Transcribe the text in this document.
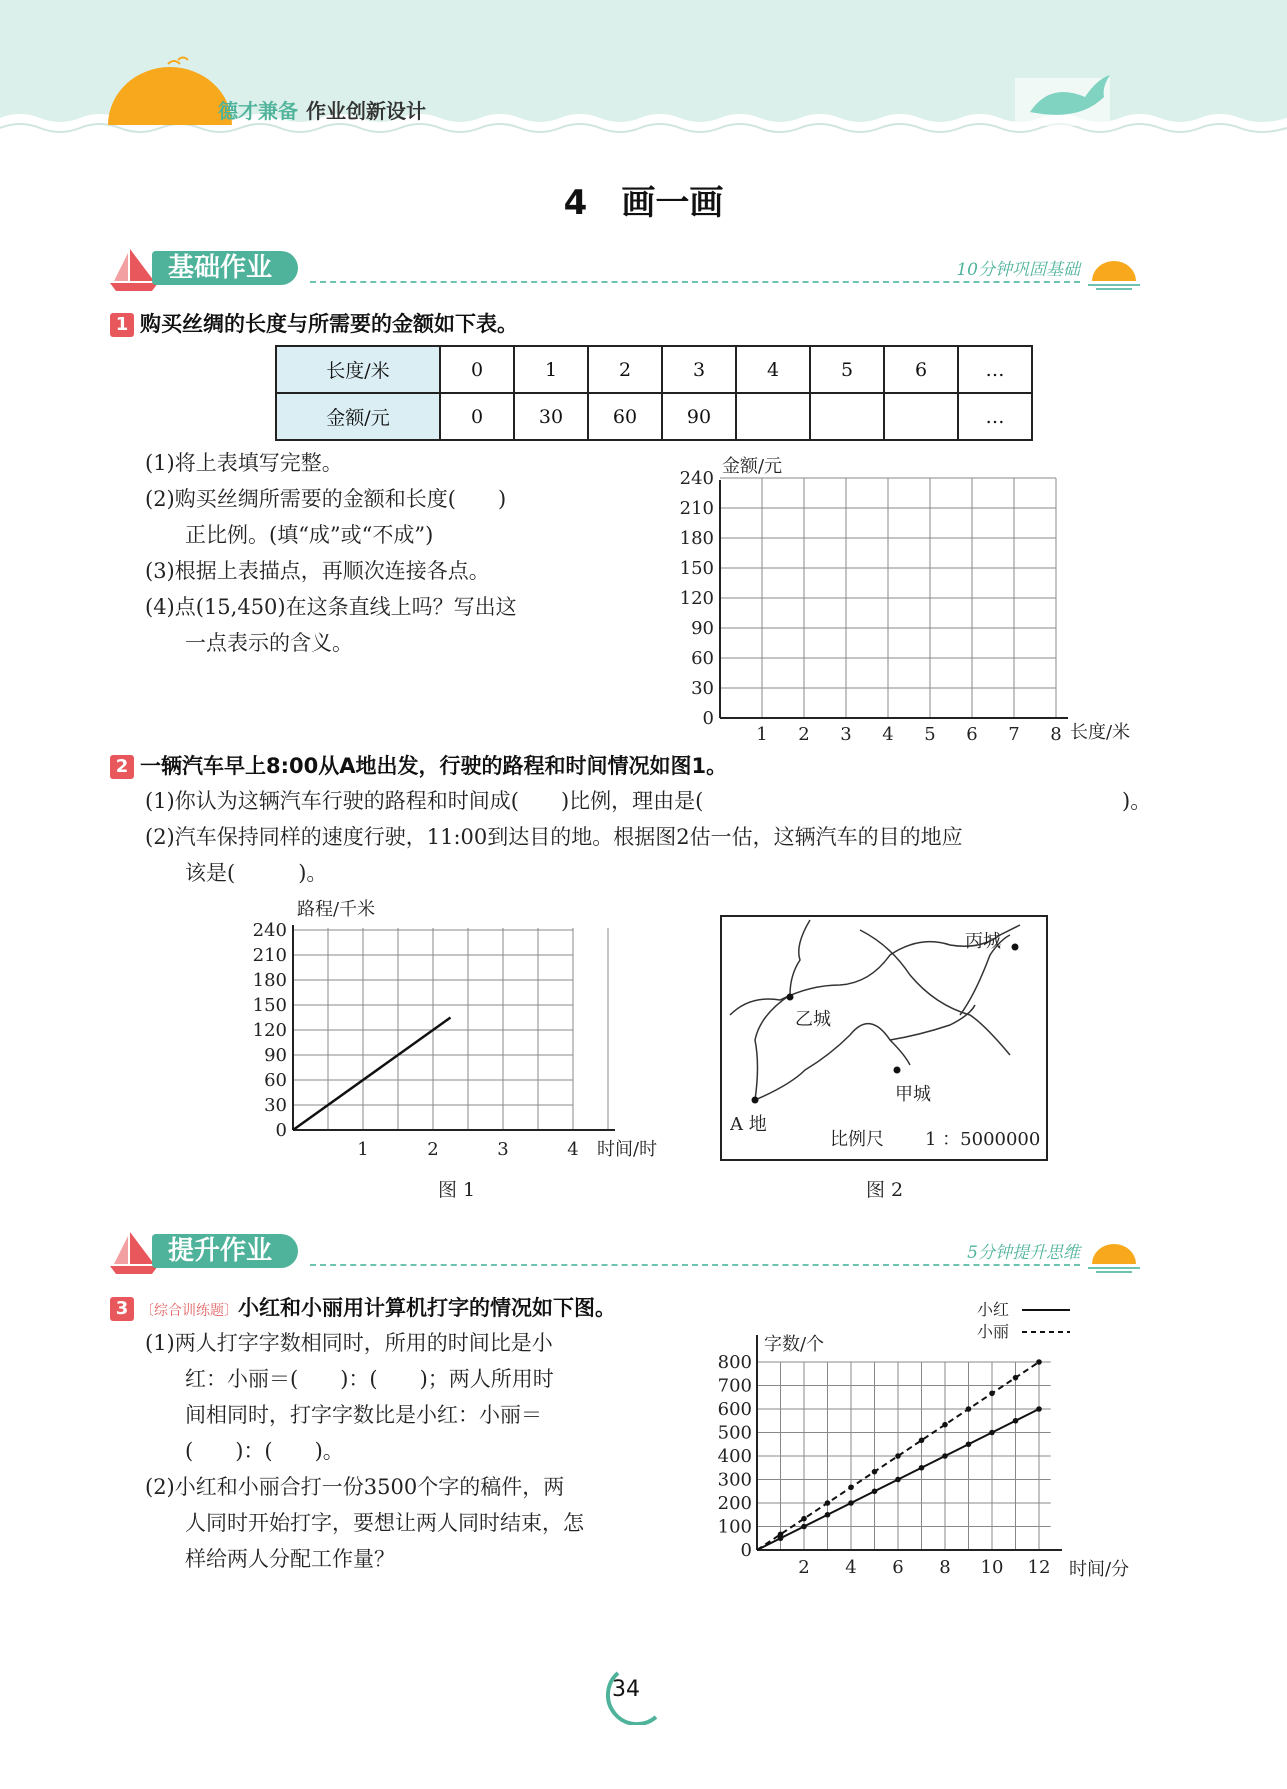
德才兼备 作业创新设计
4　画一画
基础作业	10分钟巩固基础
1 购买丝绸的长度与所需要的金额如下表。
长度/米	0	1	2	3	4	5	6	…
金额/元	0	30	60	90				…
(1)将上表填写完整。
(2)购买丝绸所需要的金额和长度(　　)
正比例。(填“成”或“不成”)
(3)根据上表描点，再顺次连接各点。
(4)点(15,450)在这条直线上吗？写出这
一点表示的含义。
金额/元
长度/米
0
30
60
90
120
150
180
210
240
1 2 3 4 5 6 7 8
2 一辆汽车早上8:00从A地出发，行驶的路程和时间情况如图1。
(1)你认为这辆汽车行驶的路程和时间成(　　)比例，理由是(	)。
(2)汽车保持同样的速度行驶，11:00到达目的地。根据图2估一估，这辆汽车的目的地应
该是(　　　)。
路程/千米
时间/时
0
30
60
90
120
150
180
210
240
1	2	3	4
图 1
乙城
A 地
甲城
丙城
比例尺 1 ：5000000
图 2
提升作业	5分钟提升思维
3 〔综合训练题〕小红和小丽用计算机打字的情况如下图。
(1)两人打字字数相同时，所用的时间比是小
红：小丽＝(　　)：(　　)；两人所用时
间相同时，打字字数比是小红：小丽＝
(　　)：(　　)。
(2)小红和小丽合打一份3500个字的稿件，两
人同时开始打字，要想让两人同时结束，怎
样给两人分配工作量？
小红
小丽
字数/个
时间/分
0
100
200
300
400
500
600
700
800
2 4 6 8 10 12
34
